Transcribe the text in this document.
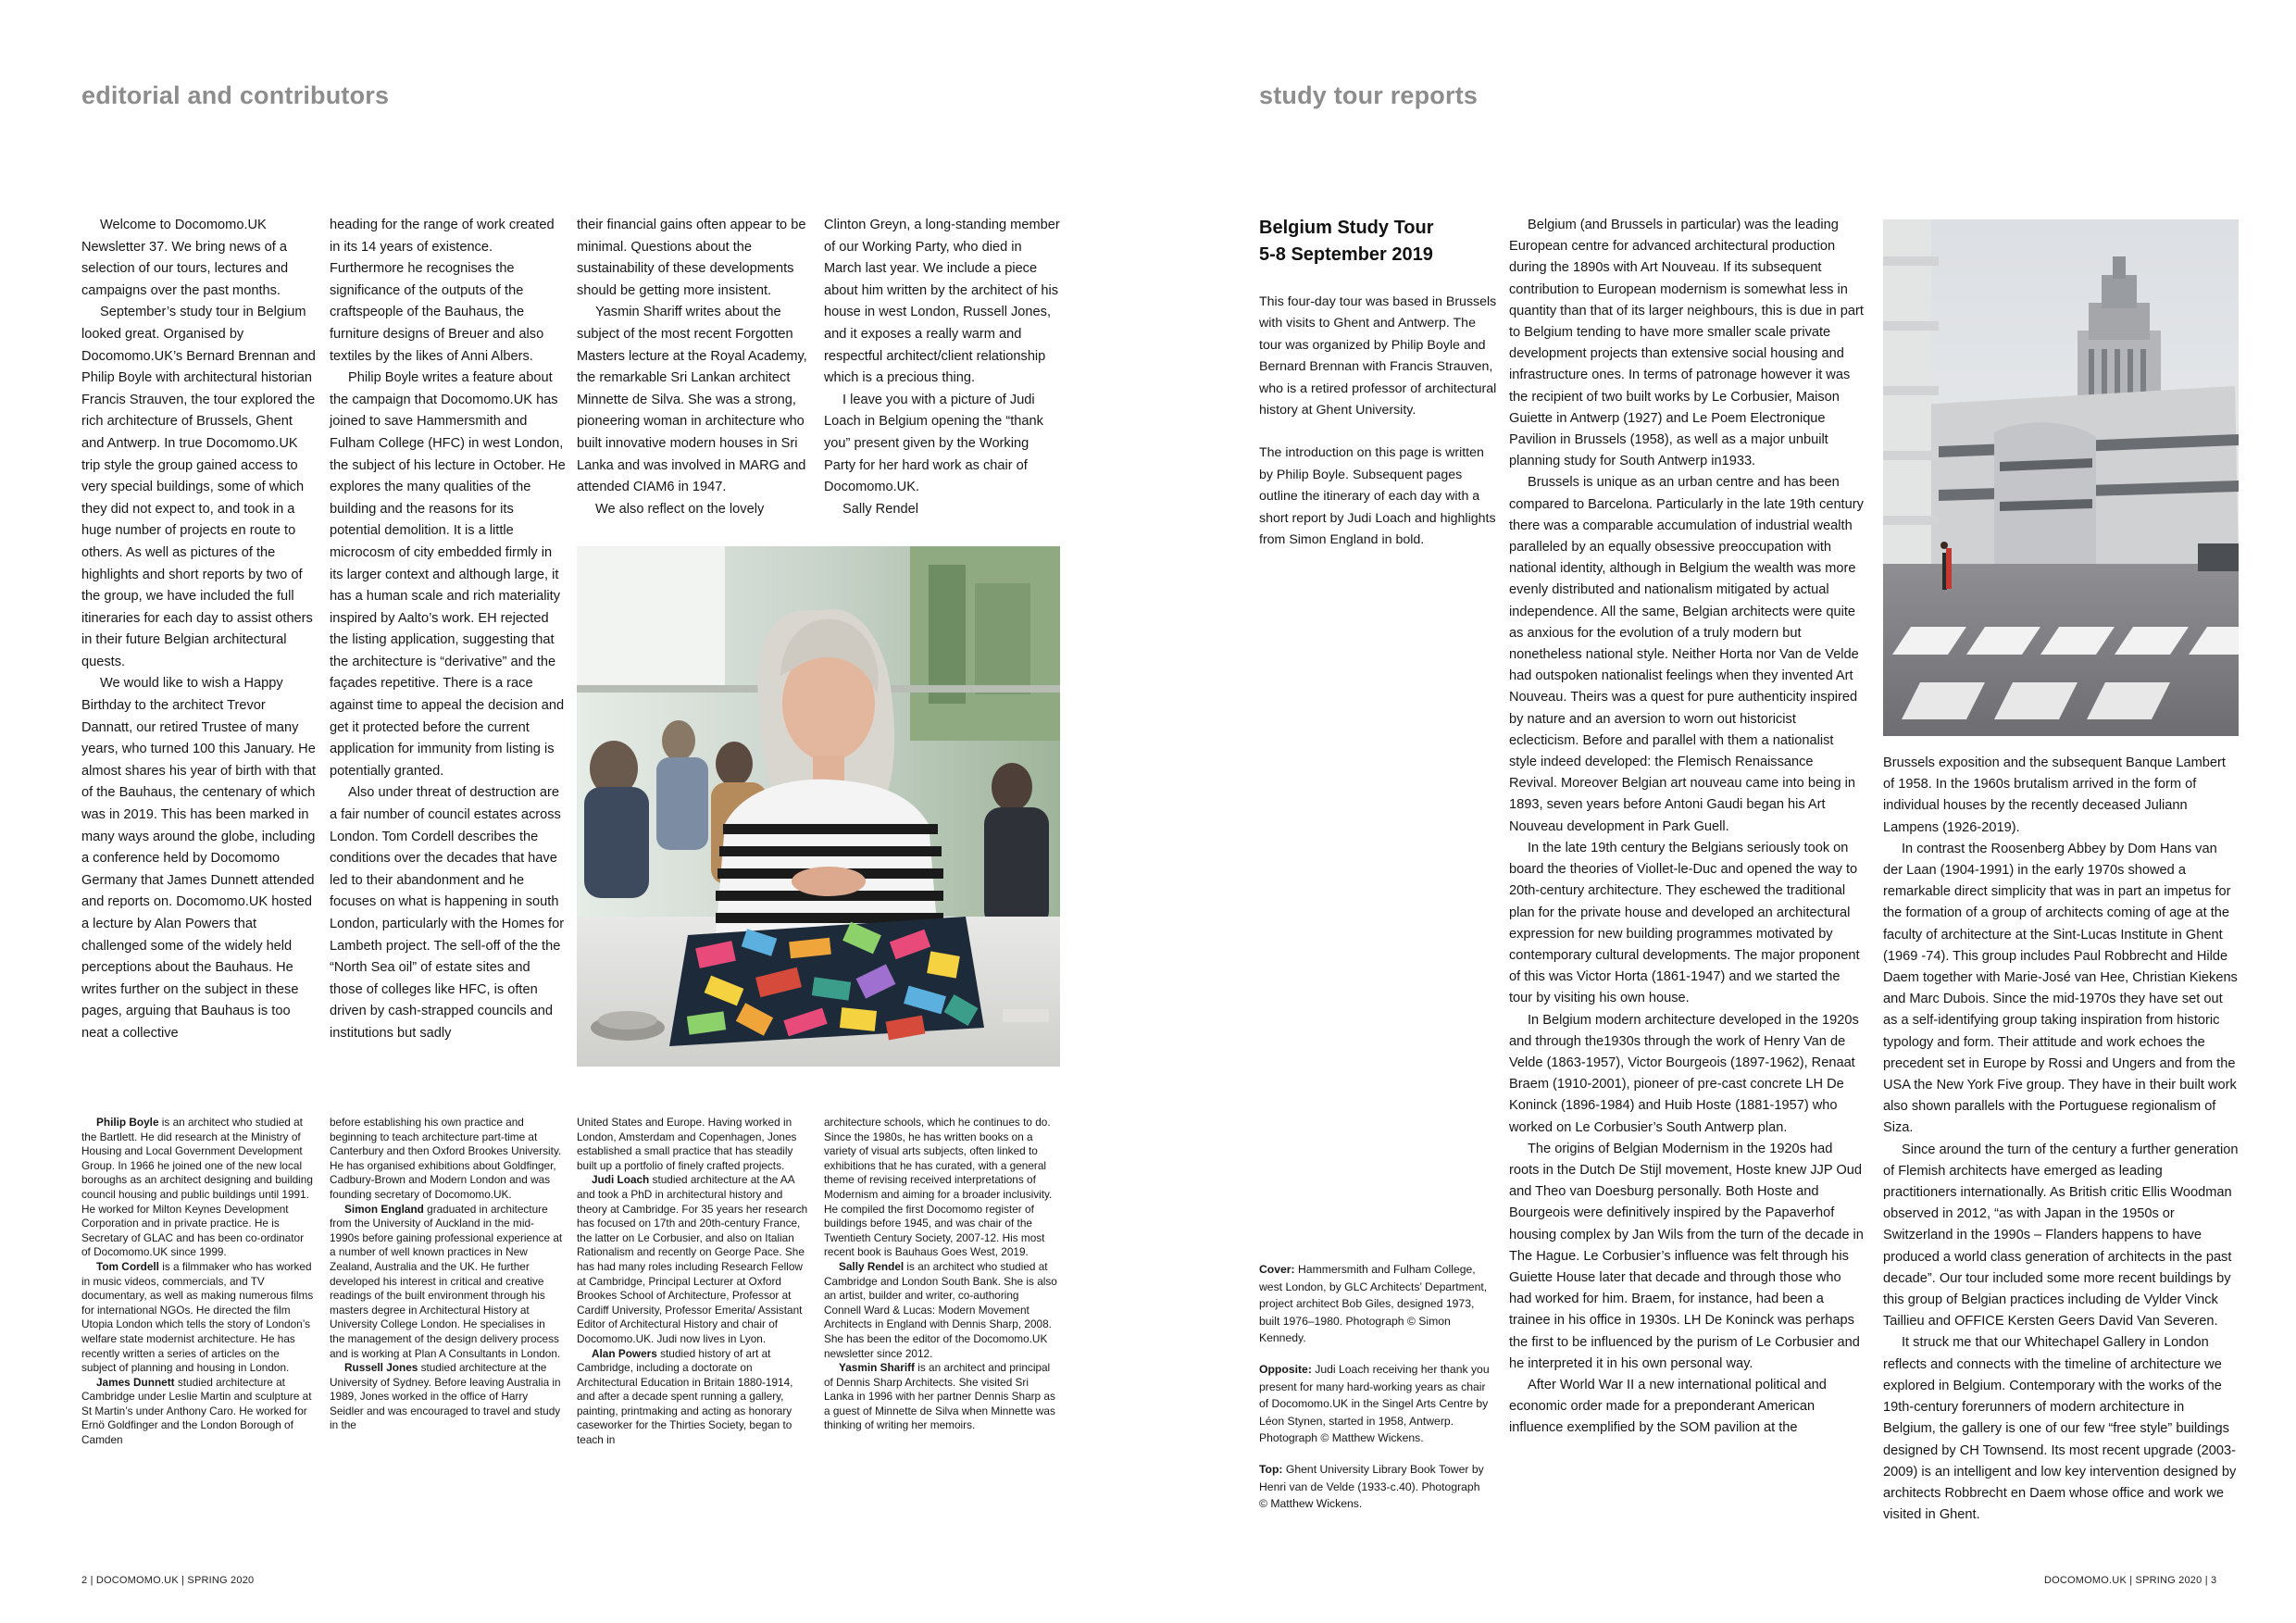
editorial and contributors

Welcome to Docomomo.UK Newsletter 37. We bring news of a selection of our tours, lectures and campaigns over the past months.

September’s study tour in Belgium looked great. Organised by Docomomo.UK’s Bernard Brennan and Philip Boyle with architectural historian Francis Strauven, the tour explored the rich architecture of Brussels, Ghent and Antwerp. In true Docomomo.UK trip style the group gained access to very special buildings, some of which they did not expect to, and took in a huge number of projects en route to others. As well as pictures of the highlights and short reports by two of the group, we have included the full itineraries for each day to assist others in their future Belgian architectural quests.

We would like to wish a Happy Birthday to the architect Trevor Dannatt, our retired Trustee of many years, who turned 100 this January. He almost shares his year of birth with that of the Bauhaus, the centenary of which was in 2019. This has been marked in many ways around the globe, including a conference held by Docomomo Germany that James Dunnett attended and reports on. Docomomo.UK hosted a lecture by Alan Powers that challenged some of the widely held perceptions about the Bauhaus. He writes further on the subject in these pages, arguing that Bauhaus is too neat a collective

heading for the range of work created in its 14 years of existence. Furthermore he recognises the significance of the outputs of the craftspeople of the Bauhaus, the furniture designs of Breuer and also textiles by the likes of Anni Albers.

Philip Boyle writes a feature about the campaign that Docomomo.UK has joined to save Hammersmith and Fulham College (HFC) in west London, the subject of his lecture in October. He explores the many qualities of the building and the reasons for its potential demolition. It is a little microcosm of city embedded firmly in its larger context and although large, it has a human scale and rich materiality inspired by Aalto’s work. EH rejected the listing application, suggesting that the architecture is “derivative” and the façades repetitive. There is a race against time to appeal the decision and get it protected before the current application for immunity from listing is potentially granted.

Also under threat of destruction are a fair number of council estates across London. Tom Cordell describes the conditions over the decades that have led to their abandonment and he focuses on what is happening in south London, particularly with the Homes for Lambeth project. The sell-off of the the “North Sea oil” of estate sites and those of colleges like HFC, is often driven by cash-strapped councils and institutions but sadly

their financial gains often appear to be minimal. Questions about the sustainability of these developments should be getting more insistent.

Yasmin Shariff writes about the subject of the most recent Forgotten Masters lecture at the Royal Academy, the remarkable Sri Lankan architect Minnette de Silva. She was a strong, pioneering woman in architecture who built innovative modern houses in Sri Lanka and was involved in MARG and attended CIAM6 in 1947.

We also reflect on the lovely

Clinton Greyn, a long-standing member of our Working Party, who died in March last year. We include a piece about him written by the architect of his house in west London, Russell Jones, and it exposes a really warm and respectful architect/client relationship which is a precious thing.

I leave you with a picture of Judi Loach in Belgium opening the “thank you” present given by the Working Party for her hard work as chair of Docomomo.UK.

Sally Rendel

Philip Boyle is an architect who studied at the Bartlett. He did research at the Ministry of Housing and Local Government Development Group. In 1966 he joined one of the new local boroughs as an architect designing and building council housing and public buildings until 1991. He worked for Milton Keynes Development Corporation and in private practice. He is Secretary of GLAC and has been co-ordinator of Docomomo.UK since 1999.

Tom Cordell is a filmmaker who has worked in music videos, commercials, and TV documentary, as well as making numerous films for international NGOs. He directed the film Utopia London which tells the story of London’s welfare state modernist architecture. He has recently written a series of articles on the subject of planning and housing in London.

James Dunnett studied architecture at Cambridge under Leslie Martin and sculpture at St Martin’s under Anthony Caro. He worked for Ernö Goldfinger and the London Borough of Camden

before establishing his own practice and beginning to teach architecture part-time at Canterbury and then Oxford Brookes University. He has organised exhibitions about Goldfinger, Cadbury-Brown and Modern London and was founding secretary of Docomomo.UK.

Simon England graduated in architecture from the University of Auckland in the mid-1990s before gaining professional experience at a number of well known practices in New Zealand, Australia and the UK. He further developed his interest in critical and creative readings of the built environment through his masters degree in Architectural History at University College London. He specialises in the management of the design delivery process and is working at Plan A Consultants in London.

Russell Jones studied architecture at the University of Sydney. Before leaving Australia in 1989, Jones worked in the office of Harry Seidler and was encouraged to travel and study in the

United States and Europe. Having worked in London, Amsterdam and Copenhagen, Jones established a small practice that has steadily built up a portfolio of finely crafted projects.

Judi Loach studied architecture at the AA and took a PhD in architectural history and theory at Cambridge. For 35 years her research has focused on 17th and 20th-century France, the latter on Le Corbusier, and also on Italian Rationalism and recently on George Pace. She has had many roles including Research Fellow at Cambridge, Principal Lecturer at Oxford Brookes School of Architecture, Professor at Cardiff University, Professor Emerita/ Assistant Editor of Architectural History and chair of Docomomo.UK. Judi now lives in Lyon.

Alan Powers studied history of art at Cambridge, including a doctorate on Architectural Education in Britain 1880-1914, and after a decade spent running a gallery, painting, printmaking and acting as honorary caseworker for the Thirties Society, began to teach in

architecture schools, which he continues to do. Since the 1980s, he has written books on a variety of visual arts subjects, often linked to exhibitions that he has curated, with a general theme of revising received interpretations of Modernism and aiming for a broader inclusivity. He compiled the first Docomomo register of buildings before 1945, and was chair of the Twentieth Century Society, 2007-12. His most recent book is Bauhaus Goes West, 2019.

Sally Rendel is an architect who studied at Cambridge and London South Bank. She is also an artist, builder and writer, co-authoring Connell Ward & Lucas: Modern Movement Architects in England with Dennis Sharp, 2008. She has been the editor of the Docomomo.UK newsletter since 2012.

Yasmin Shariff is an architect and principal of Dennis Sharp Architects. She visited Sri Lanka in 1996 with her partner Dennis Sharp as a guest of Minnette de Silva when Minnette was thinking of writing her memoirs.

2 | DOCOMOMO.UK | SPRING 2020
study tour reports
Belgium Study Tour
5-8 September 2019

This four-day tour was based in Brussels with visits to Ghent and Antwerp. The tour was organized by Philip Boyle and Bernard Brennan with Francis Strauven, who is a retired professor of architectural history at Ghent University.

The introduction on this page is written by Philip Boyle. Subsequent pages outline the itinerary of each day with a short report by Judi Loach and highlights from Simon England in bold.

Cover: Hammersmith and Fulham College, west London, by GLC Architects’ Department, project architect Bob Giles, designed 1973, built 1976–1980. Photograph © Simon Kennedy.

Opposite: Judi Loach receiving her thank you present for many hard-working years as chair of Docomomo.UK in the Singel Arts Centre by Léon Stynen, started in 1958, Antwerp. Photograph © Matthew Wickens.

Top: Ghent University Library Book Tower by Henri van de Velde (1933-c.40). Photograph © Matthew Wickens.

Belgium (and Brussels in particular) was the leading European centre for advanced architectural production during the 1890s with Art Nouveau. If its subsequent contribution to European modernism is somewhat less in quantity than that of its larger neighbours, this is due in part to Belgium tending to have more smaller scale private development projects than extensive social housing and infrastructure ones. In terms of patronage however it was the recipient of two built works by Le Corbusier, Maison Guiette in Antwerp (1927) and Le Poem Electronique Pavilion in Brussels (1958), as well as a major unbuilt planning study for South Antwerp in1933.

Brussels is unique as an urban centre and has been compared to Barcelona. Particularly in the late 19th century there was a comparable accumulation of industrial wealth paralleled by an equally obsessive preoccupation with national identity, although in Belgium the wealth was more evenly distributed and nationalism mitigated by actual independence. All the same, Belgian architects were quite as anxious for the evolution of a truly modern but nonetheless national style. Neither Horta nor Van de Velde had outspoken nationalist feelings when they invented Art Nouveau. Theirs was a quest for pure authenticity inspired by nature and an aversion to worn out historicist eclecticism. Before and parallel with them a nationalist style indeed developed: the Flemisch Renaissance Revival. Moreover Belgian art nouveau came into being in 1893, seven years before Antoni Gaudi began his Art Nouveau development in Park Guell.

In the late 19th century the Belgians seriously took on board the theories of Viollet-le-Duc and opened the way to 20th-century architecture. They eschewed the traditional plan for the private house and developed an architectural expression for new building programmes motivated by contemporary cultural developments. The major proponent of this was Victor Horta (1861-1947) and we started the tour by visiting his own house.

In Belgium modern architecture developed in the 1920s and through the1930s through the work of Henry Van de Velde (1863-1957), Victor Bourgeois (1897-1962), Renaat Braem (1910-2001), pioneer of pre-cast concrete LH De Koninck (1896-1984) and Huib Hoste (1881-1957) who worked on Le Corbusier’s South Antwerp plan.

The origins of Belgian Modernism in the 1920s had roots in the Dutch De Stijl movement, Hoste knew JJP Oud and Theo van Doesburg personally. Both Hoste and Bourgeois were definitively inspired by the Papaverhof housing complex by Jan Wils from the turn of the decade in The Hague. Le Corbusier’s influence was felt through his Guiette House later that decade and through those who had worked for him. Braem, for instance, had been a trainee in his office in 1930s. LH De Koninck was perhaps the first to be influenced by the purism of Le Corbusier and he interpreted it in his own personal way.

After World War II a new international political and economic order made for a preponderant American influence exemplified by the SOM pavilion at the

Brussels exposition and the subsequent Banque Lambert of 1958. In the 1960s brutalism arrived in the form of individual houses by the recently deceased Juliann Lampens (1926-2019).

In contrast the Roosenberg Abbey by Dom Hans van der Laan (1904-1991) in the early 1970s showed a remarkable direct simplicity that was in part an impetus for the formation of a group of architects coming of age at the faculty of architecture at the Sint-Lucas Institute in Ghent (1969 -74). This group includes Paul Robbrecht and Hilde Daem together with Marie-José van Hee, Christian Kiekens and Marc Dubois. Since the mid-1970s they have set out as a self-identifying group taking inspiration from historic typology and form. Their attitude and work echoes the precedent set in Europe by Rossi and Ungers and from the USA the New York Five group. They have in their built work also shown parallels with the Portuguese regionalism of Siza.

Since around the turn of the century a further generation of Flemish architects have emerged as leading practitioners internationally. As British critic Ellis Woodman observed in 2012, “as with Japan in the 1950s or Switzerland in the 1990s – Flanders happens to have produced a world class generation of architects in the past decade”. Our tour included some more recent buildings by this group of Belgian practices including de Vylder Vinck Taillieu and OFFICE Kersten Geers David Van Severen.

It struck me that our Whitechapel Gallery in London reflects and connects with the timeline of architecture we explored in Belgium. Contemporary with the works of the 19th-century forerunners of modern architecture in Belgium, the gallery is one of our few “free style” buildings designed by CH Townsend. Its most recent upgrade (2003-2009) is an intelligent and low key intervention designed by architects Robbrecht en Daem whose office and work we visited in Ghent.

DOCOMOMO.UK | SPRING 2020 | 3
